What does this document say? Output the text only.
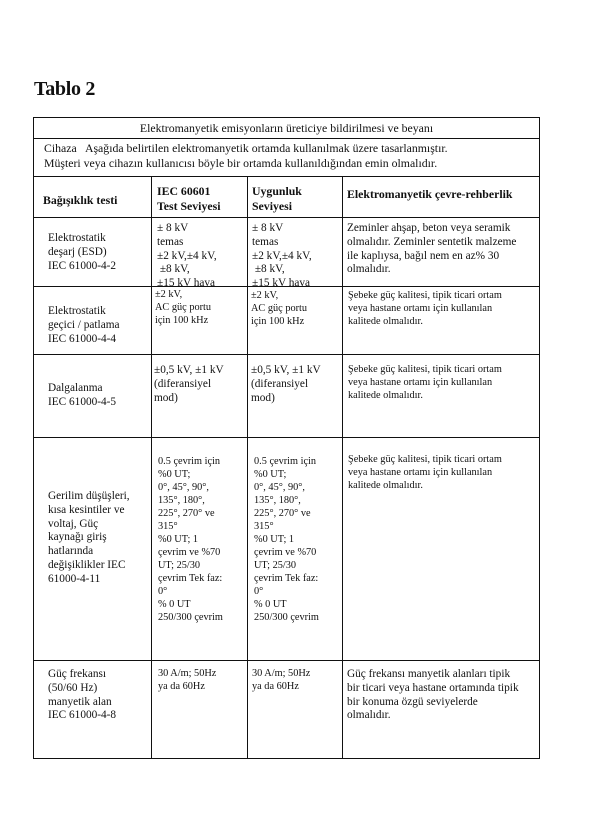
Tablo 2
Elektromanyetik emisyonların üreticiye bildirilmesi ve beyanı
Cihaza   Aşağıda belirtilen elektromanyetik ortamda kullanılmak üzere tasarlanmıştır.
Müşteri veya cihazın kullanıcısı böyle bir ortamda kullanıldığından emin olmalıdır.
Bağışıklık testi
IEC 60601
Test Seviyesi
Uygunluk
Seviyesi
Elektromanyetik çevre-rehberlik
Elektrostatik
deşarj (ESD)
IEC 61000-4-2
± 8 kV
temas
±2 kV,±4 kV,
±8 kV,
±15 kV hava
± 8 kV
temas
±2 kV,±4 kV,
±8 kV,
±15 kV hava
Zeminler ahşap, beton veya seramik
olmalıdır. Zeminler sentetik malzeme
ile kaplıysa, bağıl nem en az% 30
olmalıdır.
Elektrostatik
geçici / patlama
IEC 61000-4-4
±2 kV,
AC güç portu
için 100 kHz
±2 kV,
AC güç portu
için 100 kHz
Şebeke güç kalitesi, tipik ticari ortam
veya hastane ortamı için kullanılan
kalitede olmalıdır.
Dalgalanma
IEC 61000-4-5
±0,5 kV, ±1 kV
(diferansiyel
mod)
±0,5 kV, ±1 kV
(diferansiyel
mod)
Şebeke güç kalitesi, tipik ticari ortam
veya hastane ortamı için kullanılan
kalitede olmalıdır.
Gerilim düşüşleri,
kısa kesintiler ve
voltaj, Güç
kaynağı giriş
hatlarında
değişiklikler IEC
61000-4-11
0.5 çevrim için
%0 UT;
0°, 45°, 90°,
135°, 180°,
225°, 270° ve
315°
%0 UT; 1
çevrim ve %70
UT; 25/30
çevrim Tek faz:
0°
% 0 UT
250/300 çevrim
0.5 çevrim için
%0 UT;
0°, 45°, 90°,
135°, 180°,
225°, 270° ve
315°
%0 UT; 1
çevrim ve %70
UT; 25/30
çevrim Tek faz:
0°
% 0 UT
250/300 çevrim
Şebeke güç kalitesi, tipik ticari ortam
veya hastane ortamı için kullanılan
kalitede olmalıdır.
Güç frekansı
(50/60 Hz)
manyetik alan
IEC 61000-4-8
30 A/m; 50Hz
ya da 60Hz
30 A/m; 50Hz
ya da 60Hz
Güç frekansı manyetik alanları tipik
bir ticari veya hastane ortamında tipik
bir konuma özgü seviyelerde
olmalıdır.
